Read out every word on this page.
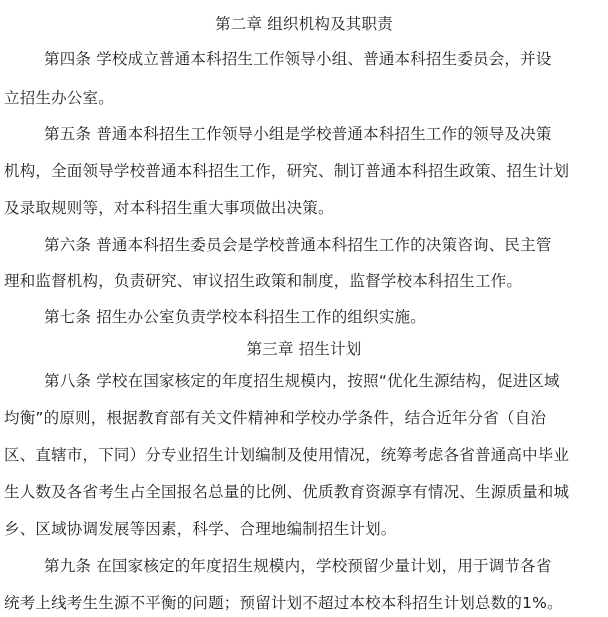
第二章 组织机构及其职责
第四条 学校成立普通本科招生工作领导小组、普通本科招生委员会，并设
立招生办公室。
第五条 普通本科招生工作领导小组是学校普通本科招生工作的领导及决策
机构，全面领导学校普通本科招生工作，研究、制订普通本科招生政策、招生计划
及录取规则等，对本科招生重大事项做出决策。
第六条 普通本科招生委员会是学校普通本科招生工作的决策咨询、民主管
理和监督机构，负责研究、审议招生政策和制度，监督学校本科招生工作。
第七条 招生办公室负责学校本科招生工作的组织实施。
第三章 招生计划
第八条 学校在国家核定的年度招生规模内，按照“优化生源结构，促进区域
均衡”的原则，根据教育部有关文件精神和学校办学条件，结合近年分省（自治
区、直辖市，下同）分专业招生计划编制及使用情况，统筹考虑各省普通高中毕业
生人数及各省考生占全国报名总量的比例、优质教育资源享有情况、生源质量和城
乡、区域协调发展等因素，科学、合理地编制招生计划。
第九条 在国家核定的年度招生规模内，学校预留少量计划，用于调节各省
统考上线考生生源不平衡的问题；预留计划不超过本校本科招生计划总数的1%。
